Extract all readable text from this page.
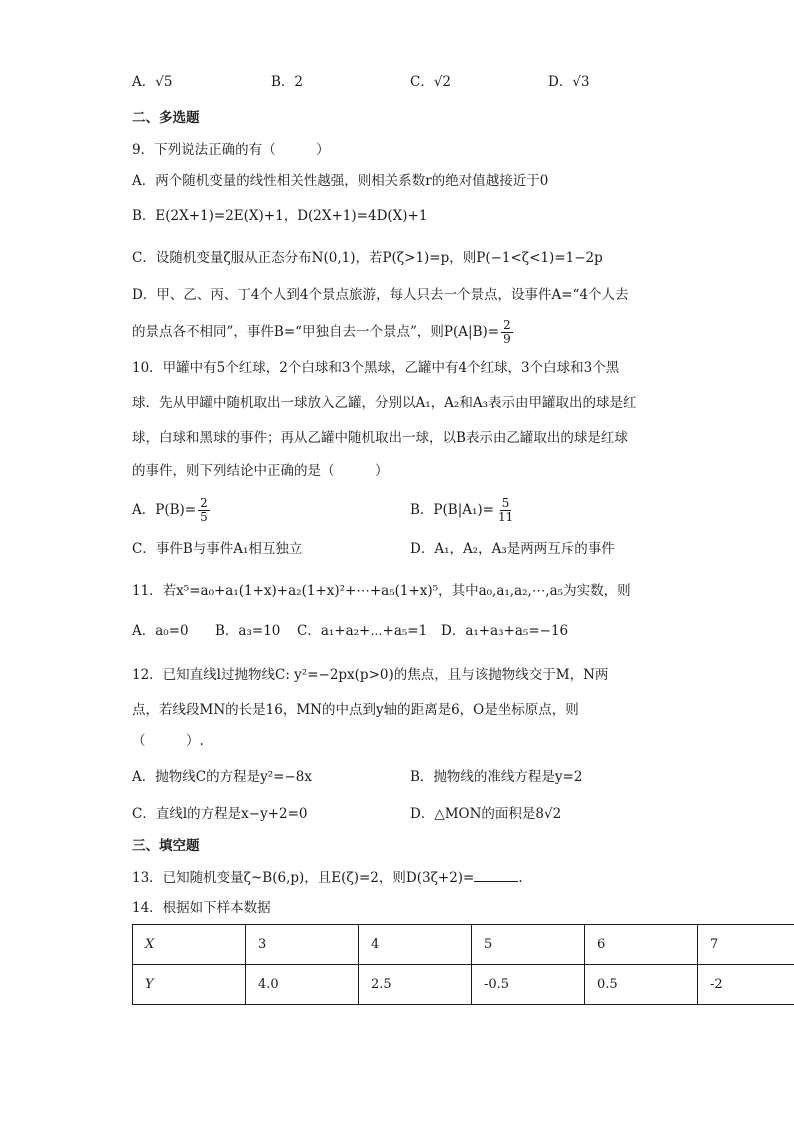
A．√5	B．2	C．√2	D．√3
二、多选题
9．下列说法正确的有（　　　）
A．两个随机变量的线性相关性越强，则相关系数r的绝对值越接近于0
B．E(2X+1)=2E(X)+1，D(2X+1)=4D(X)+1
C．设随机变量ζ服从正态分布N(0,1)，若P(ζ>1)=p，则P(−1<ζ<1)=1−2p
D．甲、乙、丙、丁4个人到4个景点旅游，每人只去一个景点，设事件A=“4个人去
的景点各不相同”，事件B=“甲独自去一个景点”，则$P(A|B)= \frac{2}{9}$
10．甲罐中有5个红球，2个白球和3个黑球，乙罐中有4个红球，3个白球和3个黑
球．先从甲罐中随机取出一球放入乙罐，分别以A₁，A₂和A₃表示由甲罐取出的球是红
球，白球和黑球的事件；再从乙罐中随机取出一球，以B表示由乙罐取出的球是红球
的事件，则下列结论中正确的是（　　　）
A．$P(B)= \frac{2}{5}$	B．$P(B|A_1)= \frac{5}{11}$
C．事件B与事件A₁相互独立	D．A₁，A₂，A₃是两两互斥的事件
11．若x⁵=a₀+a₁(1+x)+a₂(1+x)²+⋯+a₅(1+x)⁵，其中a₀,a₁,a₂,⋯,a₅为实数，则
A．a₀=0 B．a₃=10 C．a₁+a₂+⋯+a₅=1 D．a₁+a₃+a₅=−16
12．已知直线l过抛物线C: y²=−2px(p>0)的焦点，且与该抛物线交于M，N两
点，若线段MN的长是16，MN的中点到y轴的距离是6，O是坐标原点，则
（　　　）.
A．抛物线C的方程是y²=−8x	B．抛物线的准线方程是y=2
C．直线l的方程是x−y+2=0	D．△MON的面积是8√2
三、填空题
13．已知随机变量ζ~B(6,p)，且E(ζ)=2，则D(3ζ+2)=	.
14．根据如下样本数据
X	3	4	5	6	7
Y	4.0	2.5	-0.5	0.5	-2
